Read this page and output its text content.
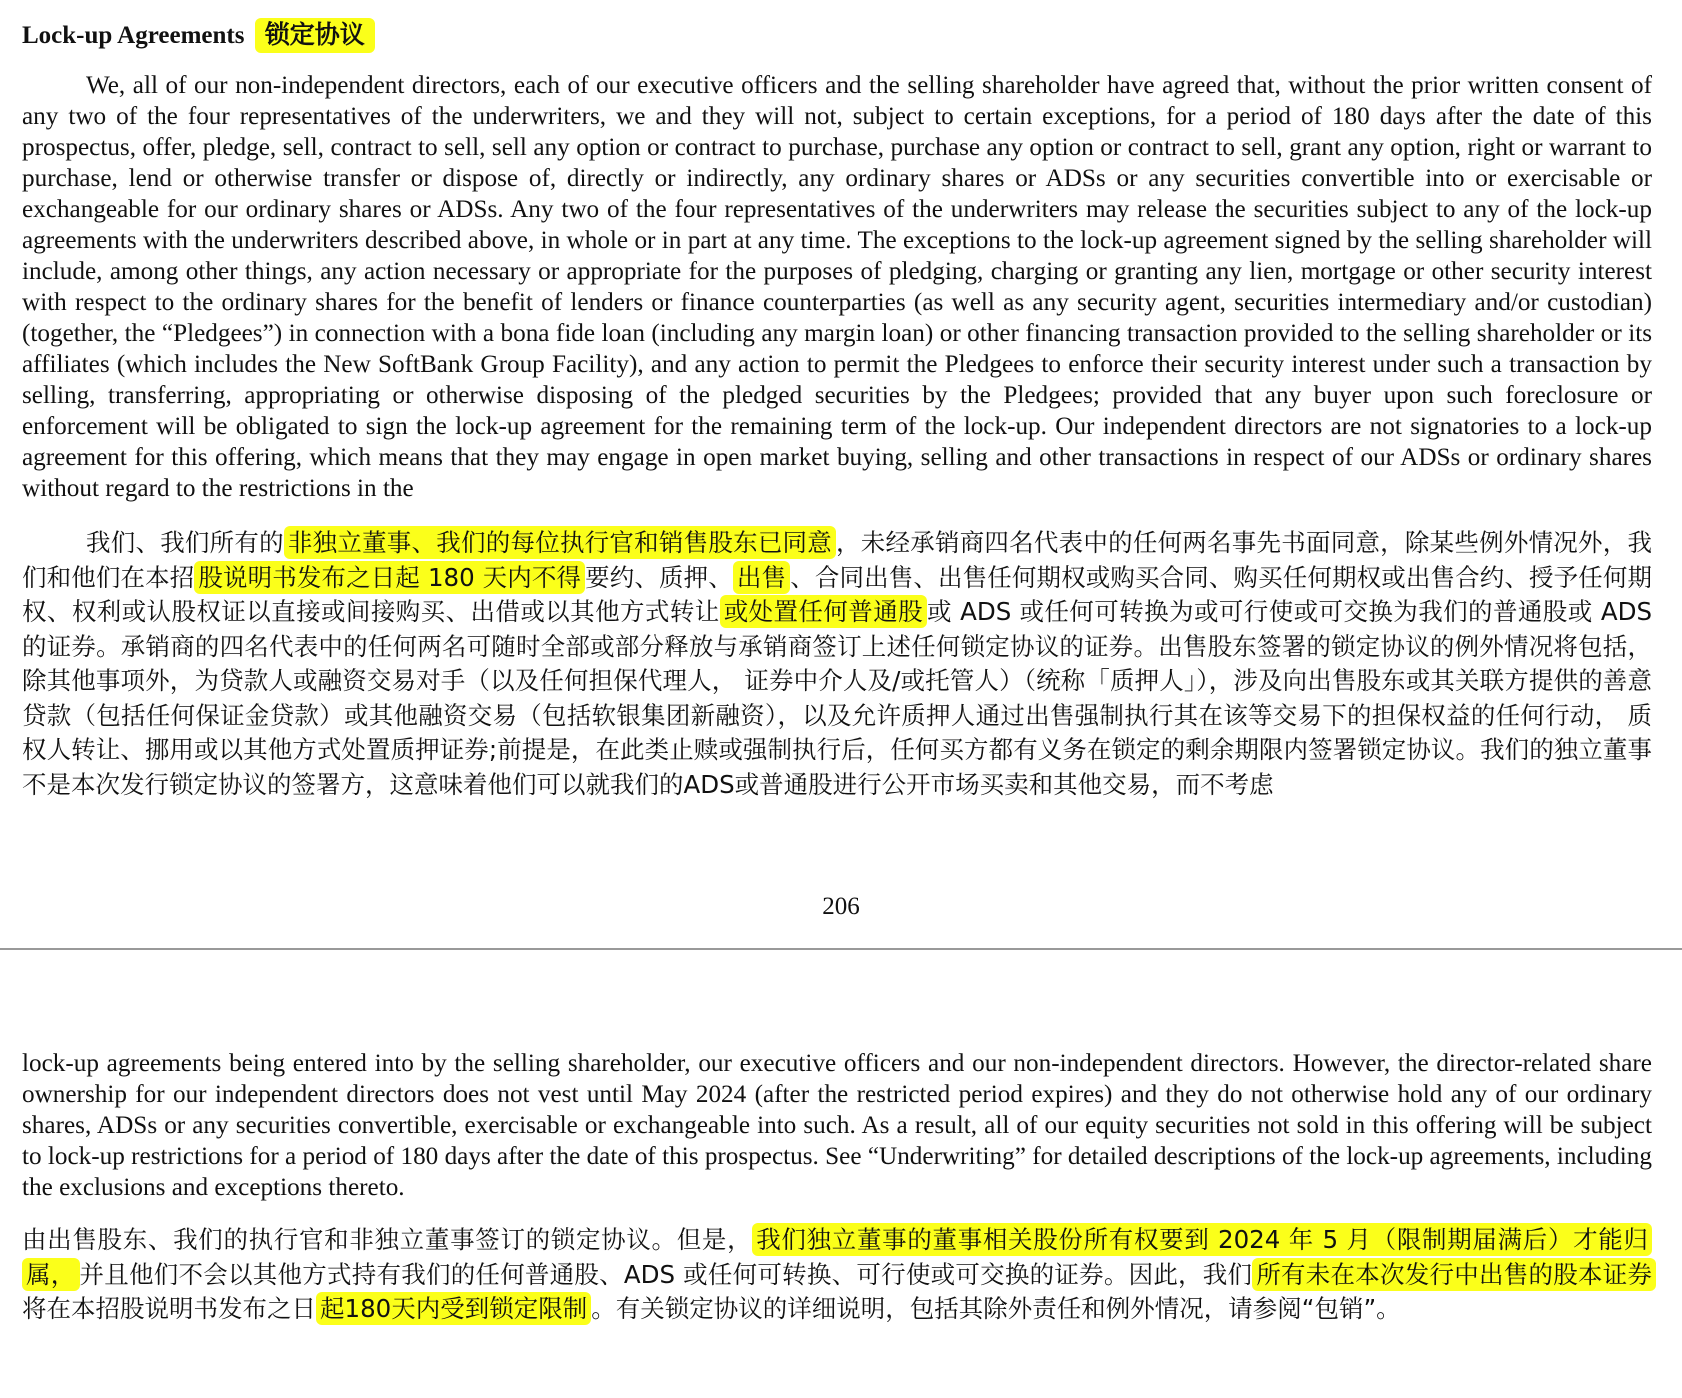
Lock-up Agreements 锁定协议

We, all of our non-independent directors, each of our executive officers and the selling shareholder have agreed that, without the prior written consent of any two of the four representatives of the underwriters, we and they will not, subject to certain exceptions, for a period of 180 days after the date of this prospectus, offer, pledge, sell, contract to sell, sell any option or contract to purchase, purchase any option or contract to sell, grant any option, right or warrant to purchase, lend or otherwise transfer or dispose of, directly or indirectly, any ordinary shares or ADSs or any securities convertible into or exercisable or exchangeable for our ordinary shares or ADSs. Any two of the four representatives of the underwriters may release the securities subject to any of the lock-up agreements with the underwriters described above, in whole or in part at any time. The exceptions to the lock-up agreement signed by the selling shareholder will include, among other things, any action necessary or appropriate for the purposes of pledging, charging or granting any lien, mortgage or other security interest with respect to the ordinary shares for the benefit of lenders or finance counterparties (as well as any security agent, securities intermediary and/or custodian) (together, the “Pledgees”) in connection with a bona fide loan (including any margin loan) or other financing transaction provided to the selling shareholder or its affiliates (which includes the New SoftBank Group Facility), and any action to permit the Pledgees to enforce their security interest under such a transaction by selling, transferring, appropriating or otherwise disposing of the pledged securities by the Pledgees; provided that any buyer upon such foreclosure or enforcement will be obligated to sign the lock-up agreement for the remaining term of the lock-up. Our independent directors are not signatories to a lock-up agreement for this offering, which means that they may engage in open market buying, selling and other transactions in respect of our ADSs or ordinary shares without regard to the restrictions in the

我们、我们所有的 非独立董事、我们的每位执行官和销售股东已同意 ，未经承销商四名代表中的任何两名事先书面同意，除某些例外情况外，我们和他们在本招 股说明书发布之日起 180 天内不得 要约、质押、 出售 、合同出售、出售任何期权或购买合同、购买任何期权或出售合约、授予任何期权、权利或认股权证以直接或间接购买、出借或以其他方式转让 或处置任何普通股 或 ADS 或任何可转换为或可行使或可交换为我们的普通股或 ADS 的证券。承销商的四名代表中的任何两名可随时全部或部分释放与承销商签订上述任何锁定协议的证券。出售股东签署的锁定协议的例外情况将包括，除其他事项外，为贷款人或融资交易对手（以及任何担保代理人， 证券中介人及/或托管人）（统称「质押人」），涉及向出售股东或其关联方提供的善意贷款（包括任何保证金贷款）或其他融资交易（包括软银集团新融资），以及允许质押人通过出售强制执行其在该等交易下的担保权益的任何行动， 质权人转让、挪用或以其他方式处置质押证券;前提是，在此类止赎或强制执行后，任何买方都有义务在锁定的剩余期限内签署锁定协议。我们的独立董事不是本次发行锁定协议的签署方，这意味着他们可以就我们的ADS或普通股进行公开市场买卖和其他交易，而不考虑

206

lock-up agreements being entered into by the selling shareholder, our executive officers and our non-independent directors. However, the director-related share ownership for our independent directors does not vest until May 2024 (after the restricted period expires) and they do not otherwise hold any of our ordinary shares, ADSs or any securities convertible, exercisable or exchangeable into such. As a result, all of our equity securities not sold in this offering will be subject to lock-up restrictions for a period of 180 days after the date of this prospectus. See “Underwriting” for detailed descriptions of the lock-up agreements, including the exclusions and exceptions thereto.

由出售股东、我们的执行官和非独立董事签订的锁定协议。但是， 我们独立董事的董事相关股份所有权要到 2024 年 5 月（限制期届满后）才能归属， 并且他们不会以其他方式持有我们的任何普通股、ADS 或任何可转换、可行使或可交换的证券。因此，我们 所有未在本次发行中出售的股本证券将在本招股说明书发布之日 起180天内受到锁定限制 。有关锁定协议的详细说明，包括其除外责任和例外情况，请参阅“包销”。
